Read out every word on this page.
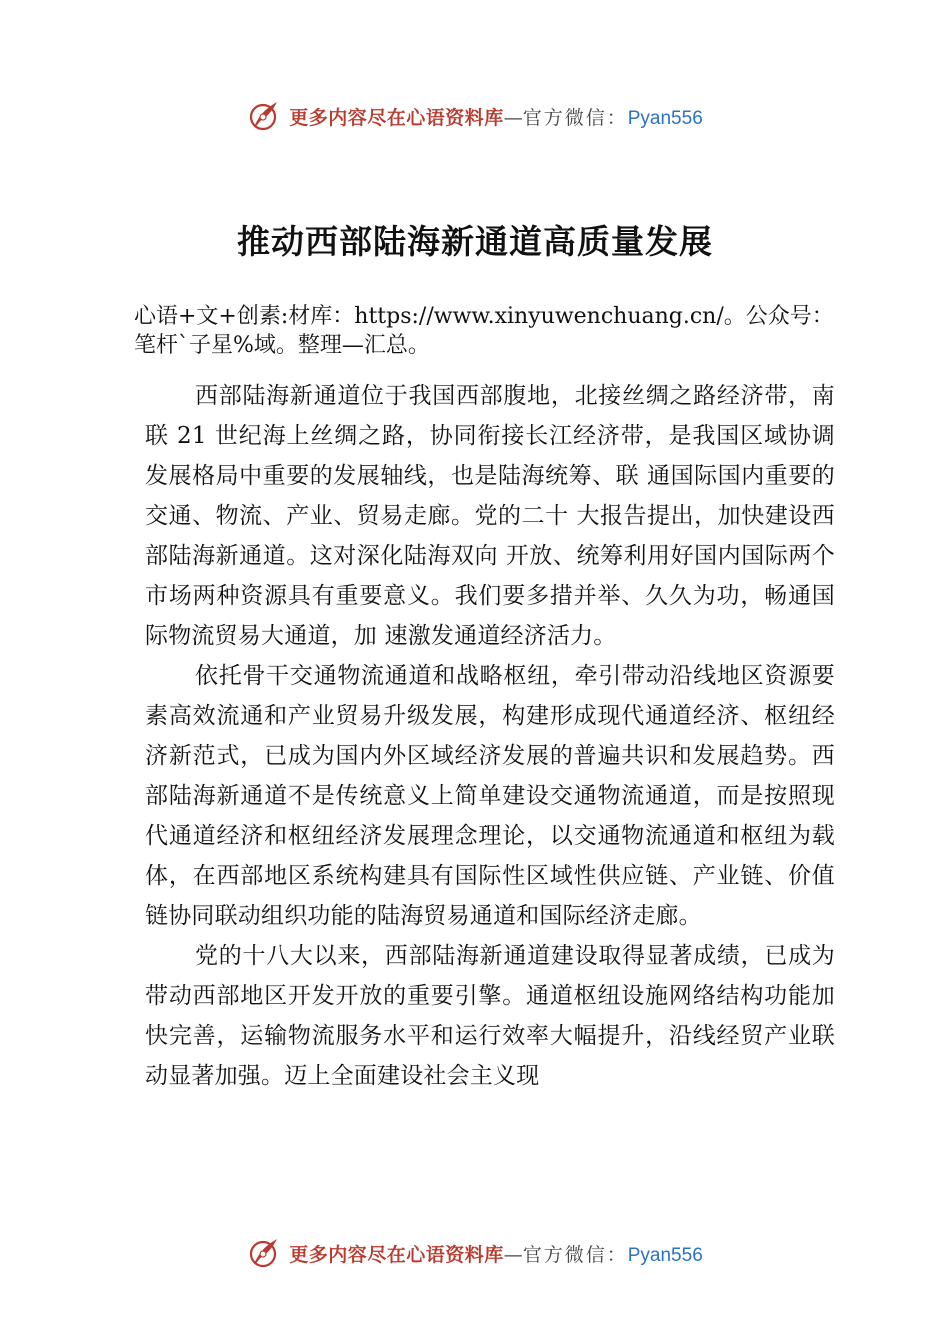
更多内容尽在心语资料库—官方微信：Pyan556
推动西部陆海新通道高质量发展

心语+文+创素:材库：https://www.xinyuwenchuang.cn/。公众号：笔杆`子星%域。整理—汇总。

西部陆海新通道位于我国西部腹地，北接丝绸之路经济带，南联 21 世纪海上丝绸之路，协同衔接长江经济带，是我国区域协调发展格局中重要的发展轴线，也是陆海统筹、联 通国际国内重要的交通、物流、产业、贸易走廊。党的二十 大报告提出，加快建设西部陆海新通道。这对深化陆海双向 开放、统筹利用好国内国际两个市场两种资源具有重要意义。我们要多措并举、久久为功，畅通国际物流贸易大通道，加 速激发通道经济活力。

依托骨干交通物流通道和战略枢纽，牵引带动沿线地区资源要素高效流通和产业贸易升级发展，构建形成现代通道经济、枢纽经济新范式，已成为国内外区域经济发展的普遍共识和发展趋势。西部陆海新通道不是传统意义上简单建设交通物流通道，而是按照现代通道经济和枢纽经济发展理念理论，以交通物流通道和枢纽为载体，在西部地区系统构建具有国际性区域性供应链、产业链、价值链协同联动组织功能的陆海贸易通道和国际经济走廊。

党的十八大以来，西部陆海新通道建设取得显著成绩，已成为带动西部地区开发开放的重要引擎。通道枢纽设施网络结构功能加快完善，运输物流服务水平和运行效率大幅提升，沿线经贸产业联动显著加强。迈上全面建设社会主义现

更多内容尽在心语资料库—官方微信：Pyan556
